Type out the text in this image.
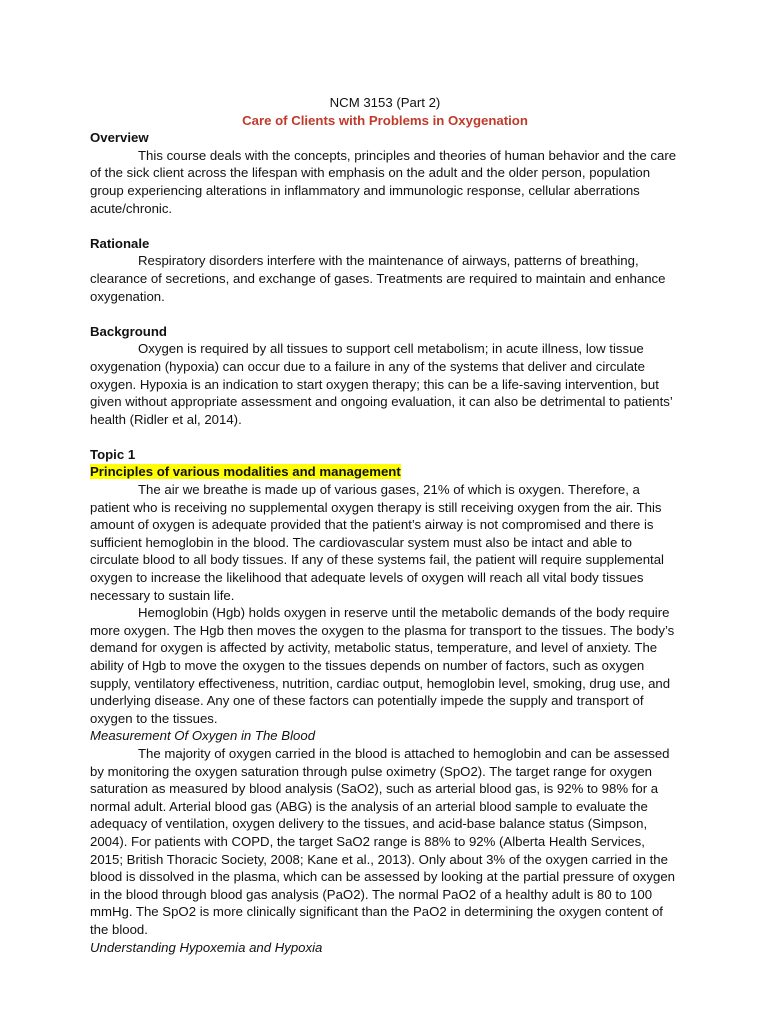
NCM 3153 (Part 2)

Care of Clients with Problems in Oxygenation

Overview

This course deals with the concepts, principles and theories of human behavior and the care of the sick client across the lifespan with emphasis on the adult and the older person, population group experiencing alterations in inflammatory and immunologic response, cellular aberrations acute/chronic.

Rationale

Respiratory disorders interfere with the maintenance of airways, patterns of breathing, clearance of secretions, and exchange of gases. Treatments are required to maintain and enhance oxygenation.

Background

Oxygen is required by all tissues to support cell metabolism; in acute illness, low tissue oxygenation (hypoxia) can occur due to a failure in any of the systems that deliver and circulate oxygen. Hypoxia is an indication to start oxygen therapy; this can be a life-saving intervention, but given without appropriate assessment and ongoing evaluation, it can also be detrimental to patients’ health (Ridler et al, 2014).

Topic 1

Principles of various modalities and management

The air we breathe is made up of various gases, 21% of which is oxygen. Therefore, a patient who is receiving no supplemental oxygen therapy is still receiving oxygen from the air. This amount of oxygen is adequate provided that the patient’s airway is not compromised and there is sufficient hemoglobin in the blood. The cardiovascular system must also be intact and able to circulate blood to all body tissues. If any of these systems fail, the patient will require supplemental oxygen to increase the likelihood that adequate levels of oxygen will reach all vital body tissues necessary to sustain life.

Hemoglobin (Hgb) holds oxygen in reserve until the metabolic demands of the body require more oxygen. The Hgb then moves the oxygen to the plasma for transport to the tissues. The body’s demand for oxygen is affected by activity, metabolic status, temperature, and level of anxiety. The ability of Hgb to move the oxygen to the tissues depends on number of factors, such as oxygen supply, ventilatory effectiveness, nutrition, cardiac output, hemoglobin level, smoking, drug use, and underlying disease. Any one of these factors can potentially impede the supply and transport of oxygen to the tissues.

Measurement Of Oxygen in The Blood

The majority of oxygen carried in the blood is attached to hemoglobin and can be assessed by monitoring the oxygen saturation through pulse oximetry (SpO2). The target range for oxygen saturation as measured by blood analysis (SaO2), such as arterial blood gas, is 92% to 98% for a normal adult. Arterial blood gas (ABG) is the analysis of an arterial blood sample to evaluate the adequacy of ventilation, oxygen delivery to the tissues, and acid-base balance status (Simpson, 2004). For patients with COPD, the target SaO2 range is 88% to 92% (Alberta Health Services, 2015; British Thoracic Society, 2008; Kane et al., 2013). Only about 3% of the oxygen carried in the blood is dissolved in the plasma, which can be assessed by looking at the partial pressure of oxygen in the blood through blood gas analysis (PaO2). The normal PaO2 of a healthy adult is 80 to 100 mmHg. The SpO2 is more clinically significant than the PaO2 in determining the oxygen content of the blood.

Understanding Hypoxemia and Hypoxia
